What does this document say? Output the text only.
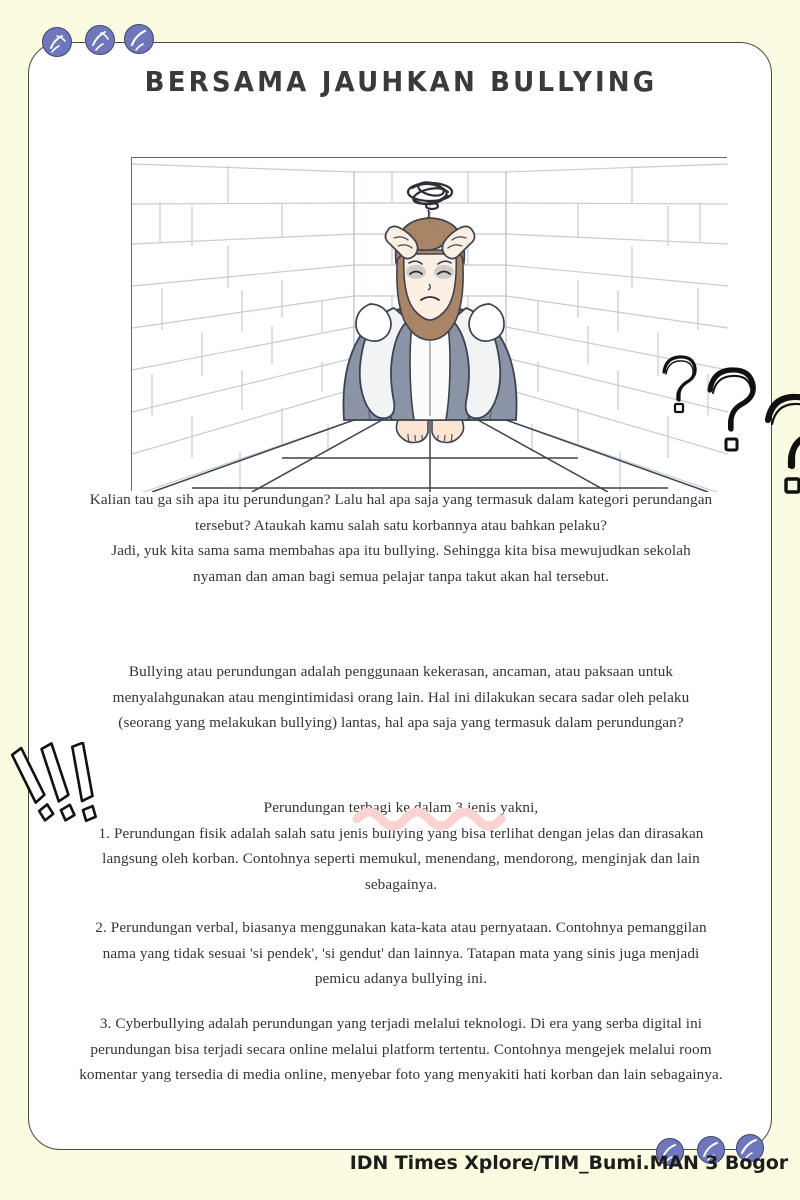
BERSAMA JAUHKAN BULLYING

Kalian tau ga sih apa itu perundungan? Lalu hal apa saja yang termasuk dalam kategori perundangan tersebut? Ataukah kamu salah satu korbannya atau bahkan pelaku?

Jadi, yuk kita sama sama membahas apa itu bullying. Sehingga kita bisa mewujudkan sekolah nyaman dan aman bagi semua pelajar tanpa takut akan hal tersebut.

Bullying atau perundungan adalah penggunaan kekerasan, ancaman, atau paksaan untuk menyalahgunakan atau mengintimidasi orang lain. Hal ini dilakukan secara sadar oleh pelaku (seorang yang melakukan bullying) lantas, hal apa saja yang termasuk dalam perundungan?

Perundungan terbagi ke dalam 3 jenis yakni,

1. Perundungan fisik adalah salah satu jenis bullying yang bisa terlihat dengan jelas dan dirasakan langsung oleh korban. Contohnya seperti memukul, menendang, mendorong, menginjak dan lain sebagainya.

2. Perundungan verbal, biasanya menggunakan kata-kata atau pernyataan. Contohnya pemanggilan nama yang tidak sesuai 'si pendek', 'si gendut' dan lainnya. Tatapan mata yang sinis juga menjadi pemicu adanya bullying ini.

3. Cyberbullying adalah perundungan yang terjadi melalui teknologi. Di era yang serba digital ini perundungan bisa terjadi secara online melalui platform tertentu. Contohnya mengejek melalui room komentar yang tersedia di media online, menyebar foto yang menyakiti hati korban dan lain sebagainya.

IDN Times Xplore/TIM_Bumi.MAN 3 Bogor
